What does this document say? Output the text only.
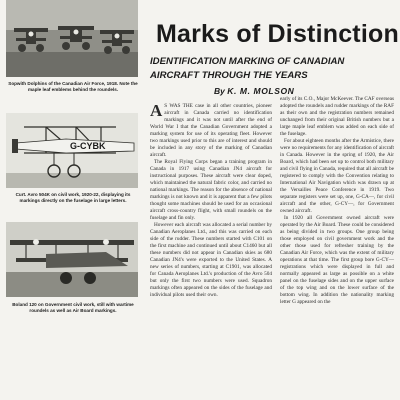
Sopwith Dolphins of the Canadian Air Force, 1918. Note the maple leaf emblems behind the roundels.
G-CYBK
Curt. Avro 504K on civil work, 1920-22, displaying its markings directly on the fuselage in large letters.
Boland 120 on Government civil work, still with wartime roundels as well as Air Board markings.
Marks of Distinction
IDENTIFICATION MARKING OF CANADIAN AIRCRAFT THROUGH THE YEARS
By K. M. MOLSON

A S WAS THE case in all other countries, pioneer aircraft in Canada carried no identification markings and it was not until after the end of World War I that the Canadian Government adopted a marking system for use of its operating fleet. However two markings used prior to this are of interest and should be included in any story of the marking of Canadian aircraft.

The Royal Flying Corps began a training program in Canada in 1917 using Canadian JN4 aircraft for instructional purposes. These aircraft were clear doped, which maintained the natural fabric color, and carried no national markings. The reason for the absence of national markings is not known and it is apparent that a few pilots thought some machines should be used for an occasional aircraft cross-country flight, with small roundels on the fuselage and fin only.

However each aircraft was allocated a serial number by Canadian Aeroplanes Ltd., and this was carried on each side of the rudder. These numbers started with C101 on the first machine and continued until about C1460 but all these numbers did not appear in Canadian skies as 680 Canadian JN4's were exported to the United States. A new series of numbers, starting at C1901, was allocated for Canada Aeroplanes Ltd.'s production of the Avro 504 but only the first two numbers were used. Squadron markings often appeared on the sides of the fuselage and individual pilots used their own.

early of its C.O., Major McKeever. The CAF overseas adopted the roundels and rudder markings of the RAF as their own and the registration numbers remained unchanged from their original British numbers but a large maple leaf emblem was added on each side of the fuselage.

For about eighteen months after the Armistice, there were no requirements for any identification of aircraft in Canada. However in the spring of 1920, the Air Board, which had been set up to control both military and civil flying in Canada, required that all aircraft be registered to comply with the Convention relating to International Air Navigation which was drawn up at the Versailles Peace Conference in 1919. Two separate registers were set up, one, G-CA—, for civil aircraft and the other, G-CY—, for Government owned aircraft.

In 1920 all Government owned aircraft were operated by the Air Board. These could be considered as being divided in two groups. One group being those employed on civil government work and the other those used for refresher training by the Canadian Air Force, which was the extent of military operations at that time. The first group bore G-CY— registrations which were displayed in full and normally appeared as large as possible on a white panel on the fuselage sides and on the upper surface of the top wing and on the lower surface of the bottom wing. In addition the nationality marking letter G appeared on the
